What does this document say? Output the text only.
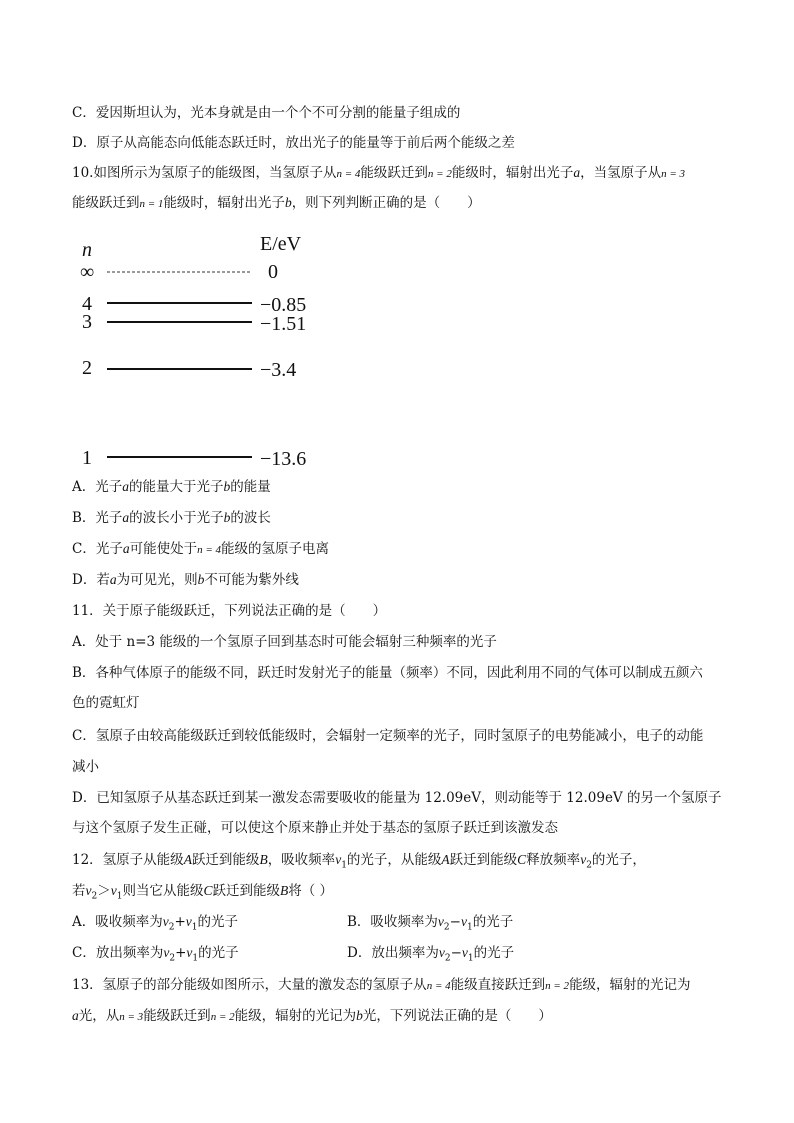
C．爱因斯坦认为，光本身就是由一个个不可分割的能量子组成的
D．原子从高能态向低能态跃迁时，放出光子的能量等于前后两个能级之差
10.如图所示为氢原子的能级图，当氢原子从n = 4能级跃迁到n = 2能级时，辐射出光子a，当氢原子从n = 3
能级跃迁到n = 1能级时，辐射出光子b，则下列判断正确的是（　　）
n	E/eV
∞	0
4	−0.85
3	−1.51
2	−3.4
1	−13.6
A．光子a的能量大于光子b的能量
B．光子a的波长小于光子b的波长
C．光子a可能使处于n = 4能级的氢原子电离
D．若a为可见光，则b不可能为紫外线
11．关于原子能级跃迁，下列说法正确的是（　　）
A．处于 n=3 能级的一个氢原子回到基态时可能会辐射三种频率的光子
B．各种气体原子的能级不同，跃迁时发射光子的能量（频率）不同，因此利用不同的气体可以制成五颜六
色的霓虹灯
C．氢原子由较高能级跃迁到较低能级时，会辐射一定频率的光子，同时氢原子的电势能减小，电子的动能
减小
D．已知氢原子从基态跃迁到某一激发态需要吸收的能量为 12.09eV，则动能等于 12.09eV 的另一个氢原子
与这个氢原子发生正碰，可以使这个原来静止并处于基态的氢原子跃迁到该激发态
12．氢原子从能级A跃迁到能级B，吸收频率$\nu_1$的光子，从能级A跃迁到能级C释放频率$\nu_2$的光子，
若$\nu_2>\nu_1$则当它从能级C跃迁到能级B将（ ）
A．吸收频率为$\nu_2+\nu_1$的光子	B．吸收频率为$\nu_2-\nu_1$的光子
C．放出频率为$\nu_2+\nu_1$的光子	D．放出频率为$\nu_2-\nu_1$的光子
13．氢原子的部分能级如图所示，大量的激发态的氢原子从n = 4能级直接跃迁到n = 2能级，辐射的光记为
a光，从n = 3能级跃迁到n = 2能级，辐射的光记为b光，下列说法正确的是（　　）
